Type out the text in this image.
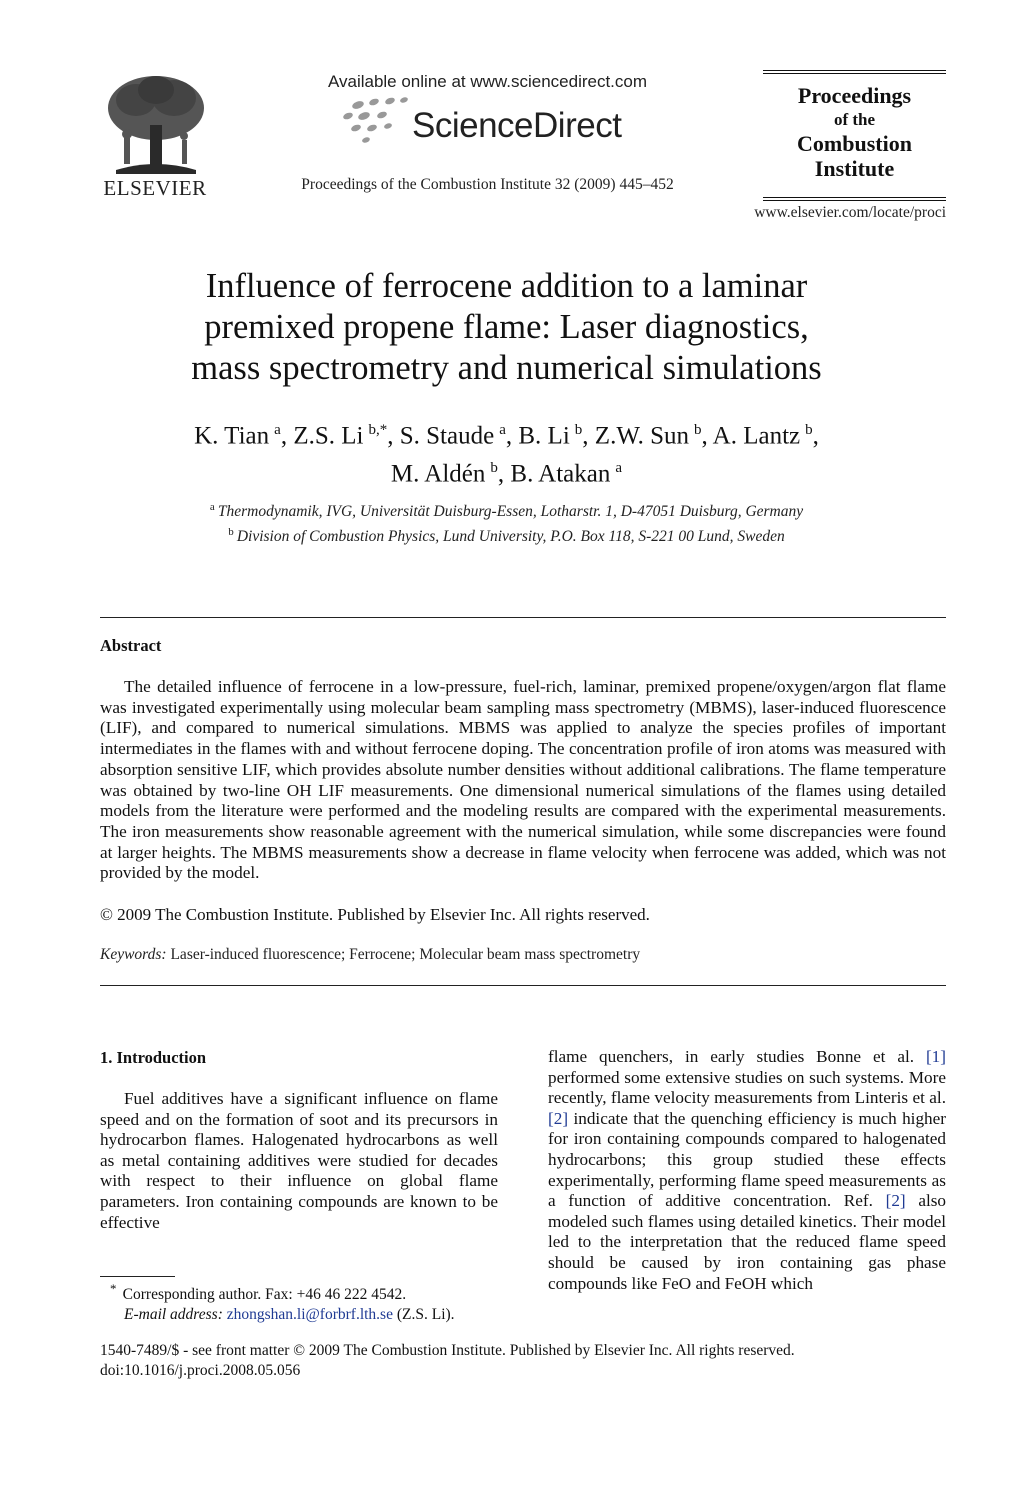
ELSEVIER
Available online at www.sciencedirect.com
ScienceDirect
Proceedings of the Combustion Institute 32 (2009) 445–452
Proceedings
of the
Combustion
Institute
www.elsevier.com/locate/proci
Influence of ferrocene addition to a laminar
premixed propene flame: Laser diagnostics,
mass spectrometry and numerical simulations
K. Tian  $^a$, Z.S. Li  $^{b,*}$, S. Staude  $^a$, B. Li  $^b$, Z.W. Sun  $^b$, A. Lantz  $^b$,
M. Aldén  $^b$, B. Atakan  $^a$
$^a$  Thermodynamik, IVG, Universität Duisburg-Essen, Lotharstr. 1, D-47051 Duisburg, Germany
$^b$  Division of Combustion Physics, Lund University, P.O. Box 118, S-221 00 Lund, Sweden
Abstract
The detailed influence of ferrocene in a low-pressure, fuel-rich, laminar, premixed propene/oxygen/argon flat flame was investigated experimentally using molecular beam sampling mass spectrometry (MBMS), laser-induced fluorescence (LIF), and compared to numerical simulations. MBMS was applied to analyze the species profiles of important intermediates in the flames with and without ferrocene doping. The concentration profile of iron atoms was measured with absorption sensitive LIF, which provides absolute number densities without additional calibrations. The flame temperature was obtained by two-line OH LIF measurements. One dimensional numerical simulations of the flames using detailed models from the literature were performed and the modeling results are compared with the experimental measurements. The iron measurements show reasonable agreement with the numerical simulation, while some discrepancies were found at larger heights. The MBMS measurements show a decrease in flame velocity when ferrocene was added, which was not provided by the model.
© 2009 The Combustion Institute. Published by Elsevier Inc. All rights reserved.
Keywords: Laser-induced fluorescence; Ferrocene; Molecular beam mass spectrometry
1. Introduction
Fuel additives have a significant influence on flame speed and on the formation of soot and its precursors in hydrocarbon flames. Halogenated hydrocarbons as well as metal containing additives were studied for decades with respect to their influence on global flame parameters. Iron containing compounds are known to be effective
flame quenchers, in early studies Bonne et al. [1] performed some extensive studies on such systems. More recently, flame velocity measurements from Linteris et al. [2] indicate that the quenching efficiency is much higher for iron containing compounds compared to halogenated hydrocarbons; this group studied these effects experimentally, performing flame speed measurements as a function of additive concentration. Ref. [2] also modeled such flames using detailed kinetics. Their model led to the interpretation that the reduced flame speed should be caused by iron containing gas phase compounds like FeO and FeOH which
*   Corresponding author. Fax: +46 46 222 4542.
E-mail address: zhongshan.li@forbrf.lth.se (Z.S. Li).
1540-7489/$ - see front matter © 2009 The Combustion Institute. Published by Elsevier Inc. All rights reserved.
doi:10.1016/j.proci.2008.05.056
